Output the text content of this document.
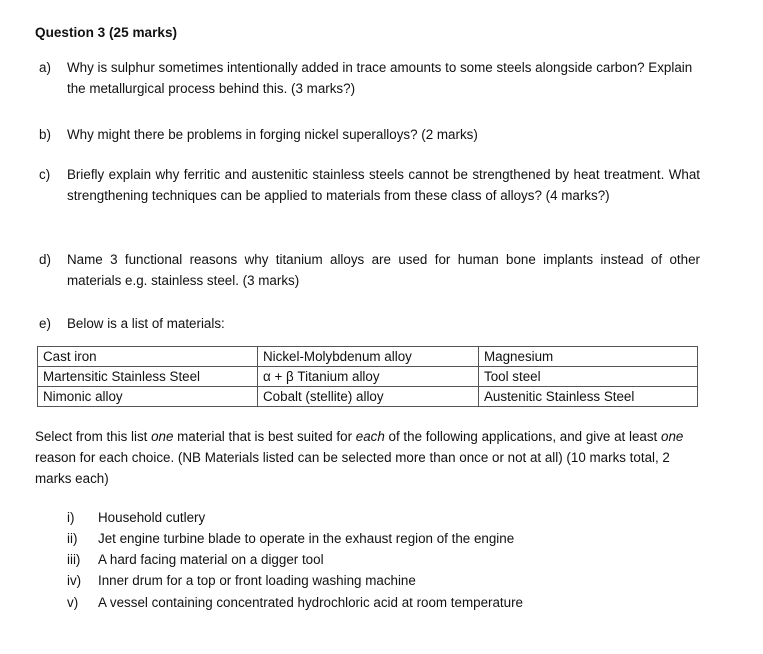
Question 3 (25 marks)
a) Why is sulphur sometimes intentionally added in trace amounts to some steels alongside carbon? Explain the metallurgical process behind this. (3 marks?)
b) Why might there be problems in forging nickel superalloys? (2 marks)
c) Briefly explain why ferritic and austenitic stainless steels cannot be strengthened by heat treatment. What strengthening techniques can be applied to materials from these class of alloys? (4 marks?)
d) Name 3 functional reasons why titanium alloys are used for human bone implants instead of other materials e.g. stainless steel. (3 marks)
e) Below is a list of materials:
Cast iron	Nickel-Molybdenum alloy	Magnesium
Martensitic Stainless Steel	α + β Titanium alloy	Tool steel
Nimonic alloy	Cobalt (stellite) alloy	Austenitic Stainless Steel
Select from this list one material that is best suited for each of the following applications, and give at least one reason for each choice. (NB Materials listed can be selected more than once or not at all) (10 marks total, 2 marks each)
i) Household cutlery
ii) Jet engine turbine blade to operate in the exhaust region of the engine
iii) A hard facing material on a digger tool
iv) Inner drum for a top or front loading washing machine
v) A vessel containing concentrated hydrochloric acid at room temperature
